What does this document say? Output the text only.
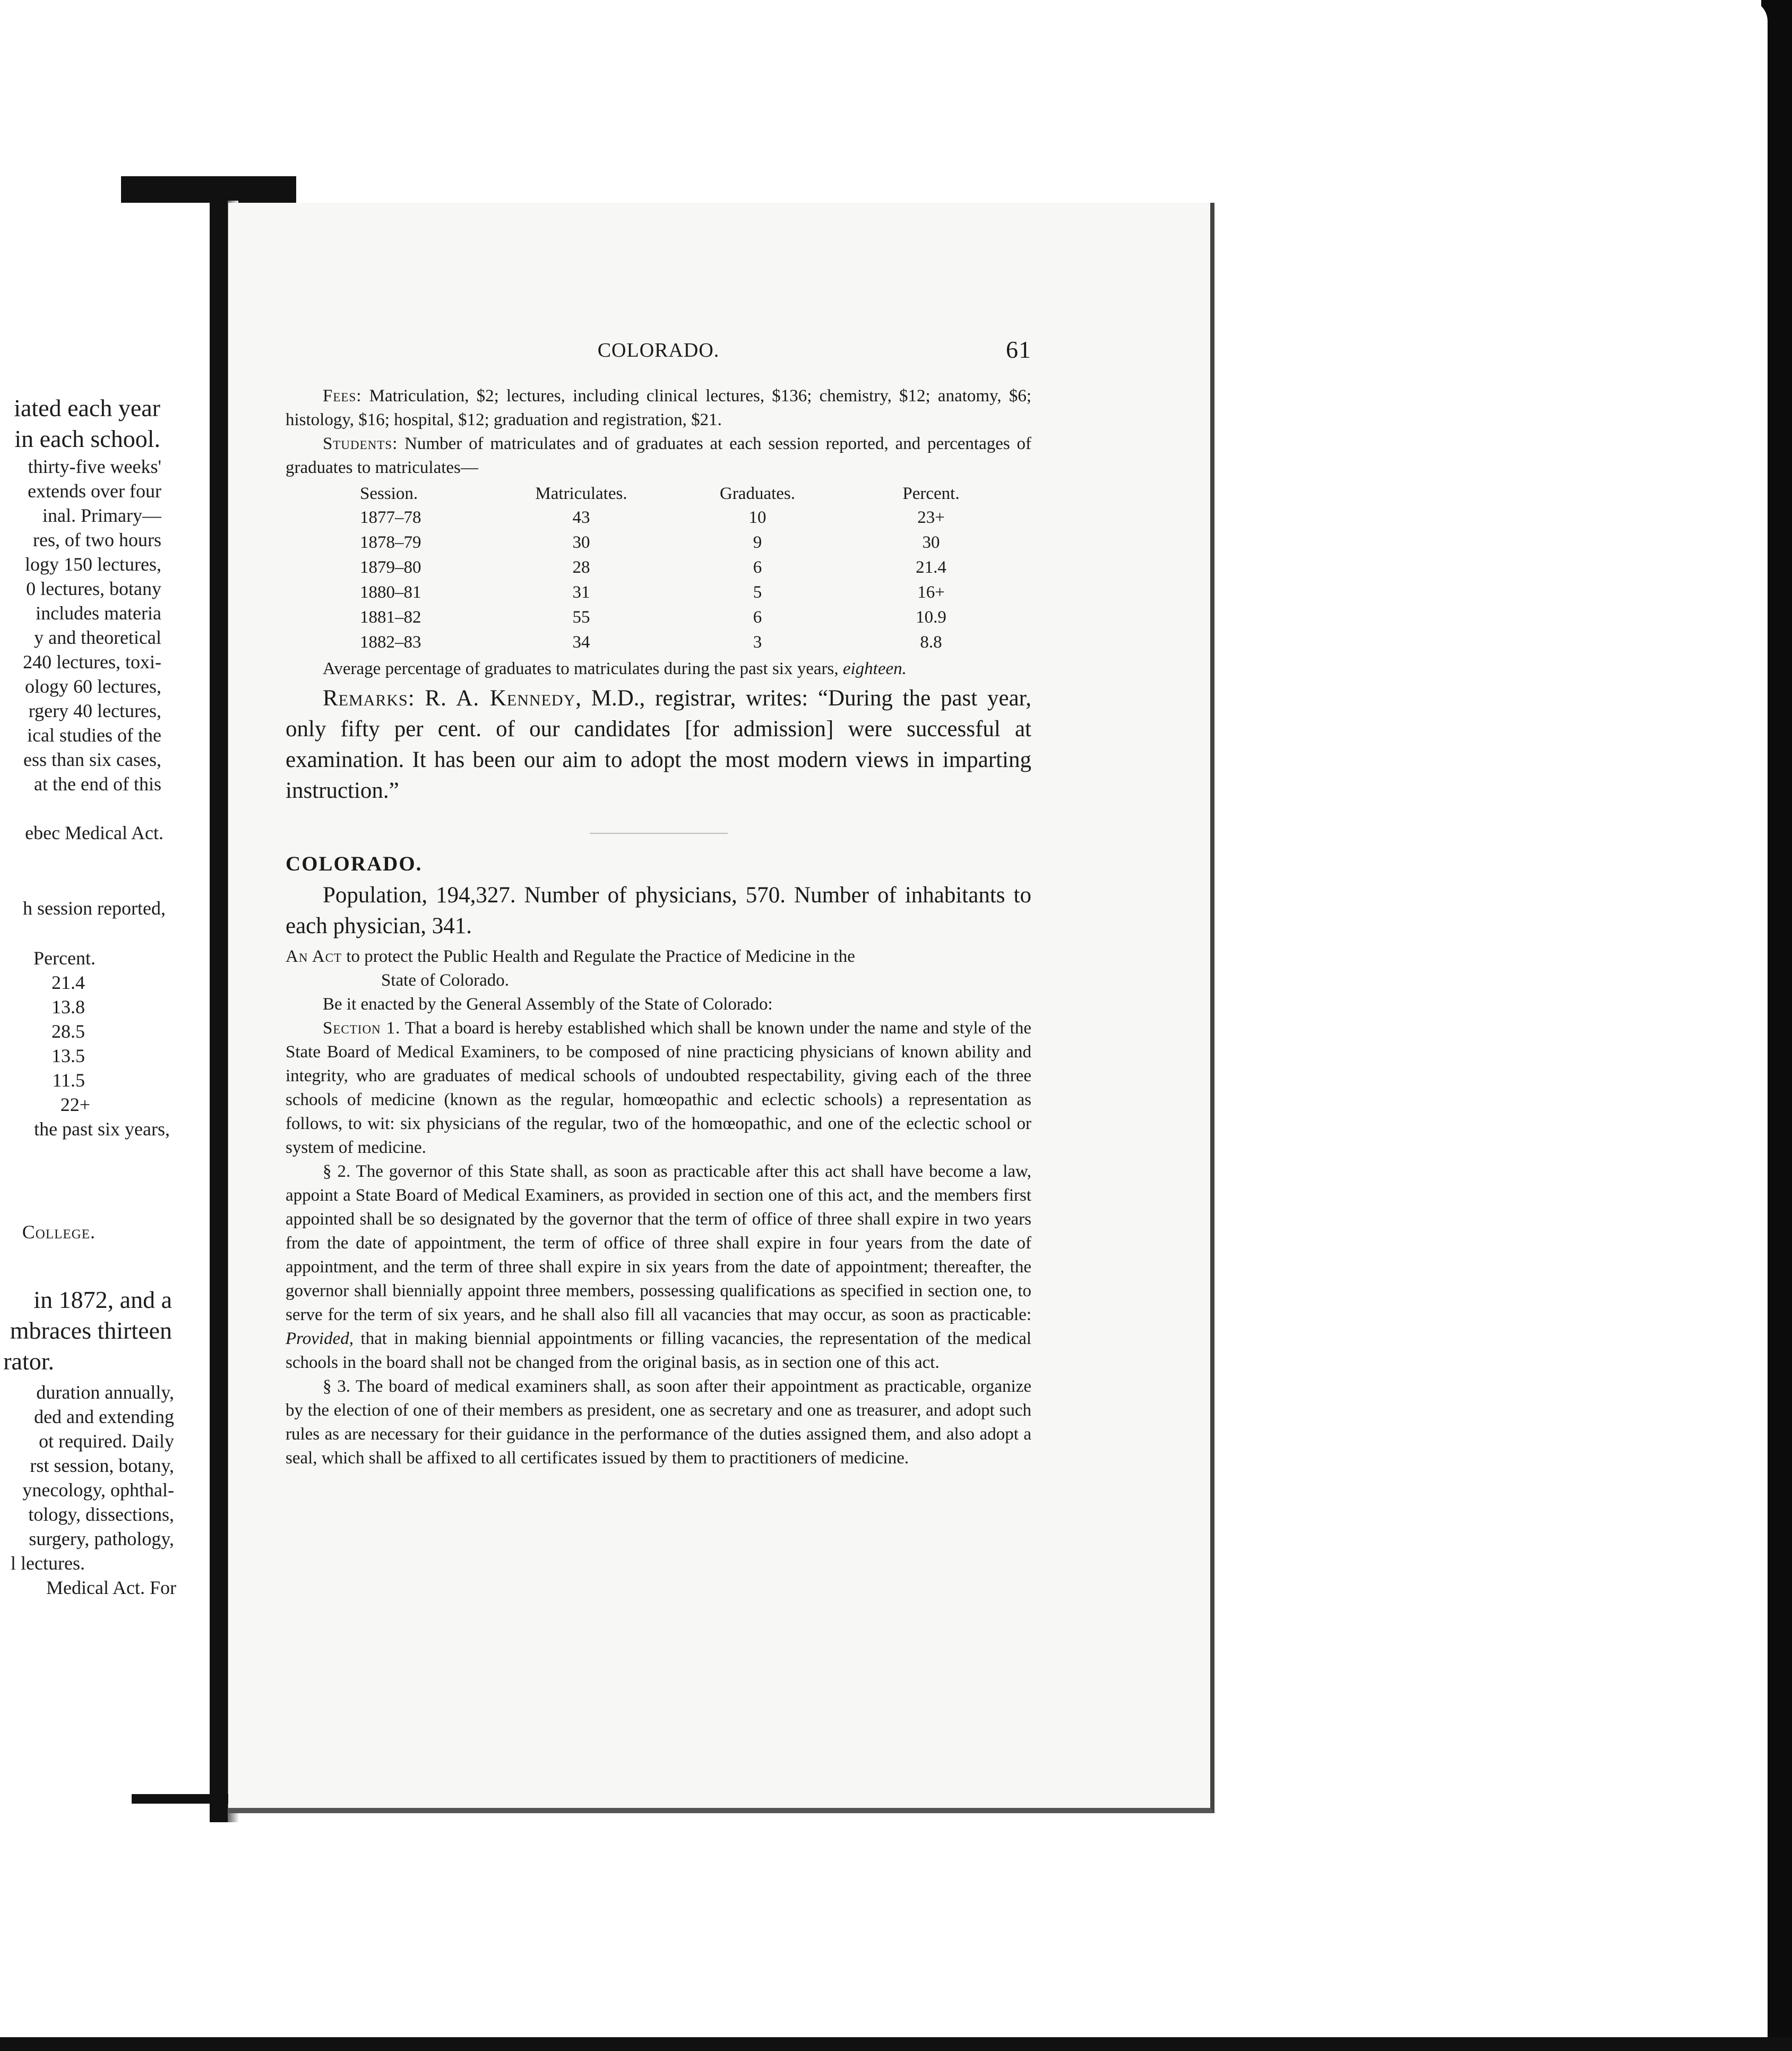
iated each year
in each school.
thirty-five weeks'
extends over four
inal. Primary—
res, of two hours
logy 150 lectures,
0 lectures, botany
includes materia
y and theoretical
240 lectures, toxi-
ology 60 lectures,
rgery 40 lectures,
ical studies of the
ess than six cases,
at the end of this
ebec Medical Act.
h session reported,
Percent.
21.4
13.8
28.5
13.5
11.5
22+
the past six years,
College.
in 1872, and a
mbraces thirteen
rator.
duration annually,
ded and extending
ot required. Daily
rst session, botany,
ynecology, ophthal-
tology, dissections,
surgery, pathology,
l lectures.
Medical Act. For
COLORADO.	61

Fees: Matriculation, $2; lectures, including clinical lectures, $136; chemistry, $12; anatomy, $6; histology, $16; hospital, $12; graduation and registration, $21.

Students: Number of matriculates and of graduates at each session reported, and percentages of graduates to matriculates—

Session.	Matriculates.	Graduates.	Percent.
1877–78	43	10	23+
1878–79	30	9	30
1879–80	28	6	21.4
1880–81	31	5	16+
1881–82	55	6	10.9
1882–83	34	3	8.8

Average percentage of graduates to matriculates during the past six years, eighteen.

Remarks: R. A. Kennedy, M.D., registrar, writes: “During the past year, only fifty per cent. of our candidates [for admission] were successful at examination. It has been our aim to adopt the most modern views in imparting instruction.”

COLORADO.

Population, 194,327. Number of physicians, 570. Number of inhabitants to each physician, 341.

An Act to protect the Public Health and Regulate the Practice of Medicine in the
State of Colorado.

Be it enacted by the General Assembly of the State of Colorado:

Section 1. That a board is hereby established which shall be known under the name and style of the State Board of Medical Examiners, to be composed of nine practicing physicians of known ability and integrity, who are graduates of medical schools of undoubted respectability, giving each of the three schools of medicine (known as the regular, homœopathic and eclectic schools) a representation as follows, to wit: six physicians of the regular, two of the homœopathic, and one of the eclectic school or system of medicine.

§ 2. The governor of this State shall, as soon as practicable after this act shall have become a law, appoint a State Board of Medical Examiners, as provided in section one of this act, and the members first appointed shall be so designated by the governor that the term of office of three shall expire in two years from the date of appointment, the term of office of three shall expire in four years from the date of appointment, and the term of three shall expire in six years from the date of appointment; thereafter, the governor shall biennially appoint three members, possessing qualifications as specified in section one, to serve for the term of six years, and he shall also fill all vacancies that may occur, as soon as practicable: Provided, that in making biennial appointments or filling vacancies, the representation of the medical schools in the board shall not be changed from the original basis, as in section one of this act.

§ 3. The board of medical examiners shall, as soon after their appointment as practicable, organize by the election of one of their members as president, one as secretary and one as treasurer, and adopt such rules as are necessary for their guidance in the performance of the duties assigned them, and also adopt a seal, which shall be affixed to all certificates issued by them to practitioners of medicine.
